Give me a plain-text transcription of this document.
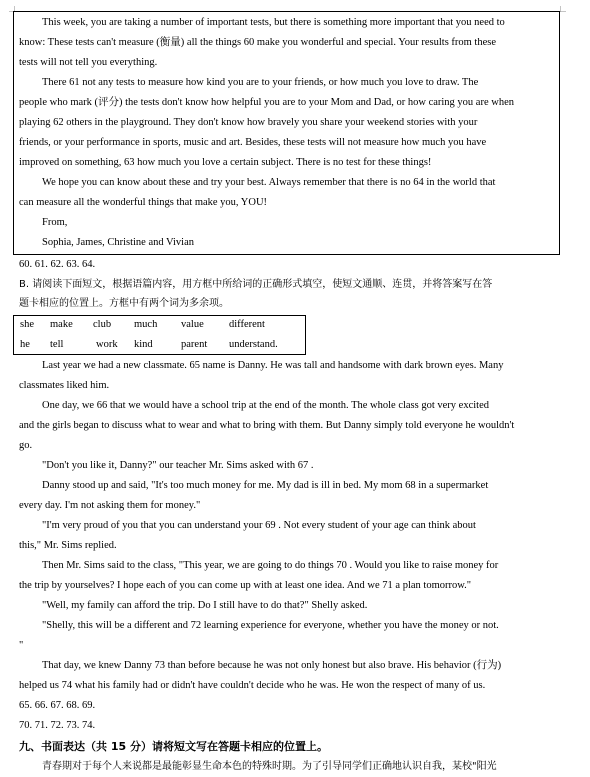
This week, you are taking a number of important tests, but there is something more important that you need to
know: These tests can't measure (衡量) all the things 60 make you wonderful and special. Your results from these
tests will not tell you everything.
There 61 not any tests to measure how kind you are to your friends, or how much you love to draw. The
people who mark (评分) the tests don't know how helpful you are to your Mom and Dad, or how caring you are when
playing 62 others in the playground. They don't know how bravely you share your weekend stories with your
friends, or your performance in sports, music and art. Besides, these tests will not measure how much you have
improved on something, 63 how much you love a certain subject. There is no test for these things!
We hope you can know about these and try your best. Always remember that there is no 64 in the world that
can measure all the wonderful things that make you, YOU!
From,
Sophia, James, Christine and Vivian
60. 61. 62. 63. 64.
B. 请阅读下面短文，根据语篇内容，用方框中所给词的正确形式填空，使短文通顺、连贯，并将答案写在答
题卡相应的位置上。方框中有两个词为多余项。
she make club much value different
he tell	work kind	parent understand.
Last year we had a new classmate. 65 name is Danny. He was tall and handsome with dark brown eyes. Many
classmates liked him.
One day, we 66 that we would have a school trip at the end of the month. The whole class got very excited
and the girls began to discuss what to wear and what to bring with them. But Danny simply told everyone he wouldn't
go.
"Don't you like it, Danny?" our teacher Mr. Sims asked with 67 .
Danny stood up and said, "It's too much money for me. My dad is ill in bed. My mom 68 in a supermarket
every day. I'm not asking them for money."
"I'm very proud of you that you can understand your 69 . Not every student of your age can think about
this," Mr. Sims replied.
Then Mr. Sims said to the class, "This year, we are going to do things 70 . Would you like to raise money for
the trip by yourselves? I hope each of you can come up with at least one idea. And we 71 a plan tomorrow."
"Well, my family can afford the trip. Do I still have to do that?" Shelly asked.
"Shelly, this will be a different and 72 learning experience for everyone, whether you have the money or not.
"
That day, we knew Danny 73 than before because he was not only honest but also brave. His behavior (行为)
helped us 74 what his family had or didn't have couldn't decide who he was. He won the respect of many of us.
65. 66. 67. 68. 69.
70. 71. 72. 73. 74.
九、书面表达（共 15 分）请将短文写在答题卡相应的位置上。
青春期对于每个人来说都是最能彰显生命本色的特殊时期。为了引导同学们正确地认识自我，某校"阳光
